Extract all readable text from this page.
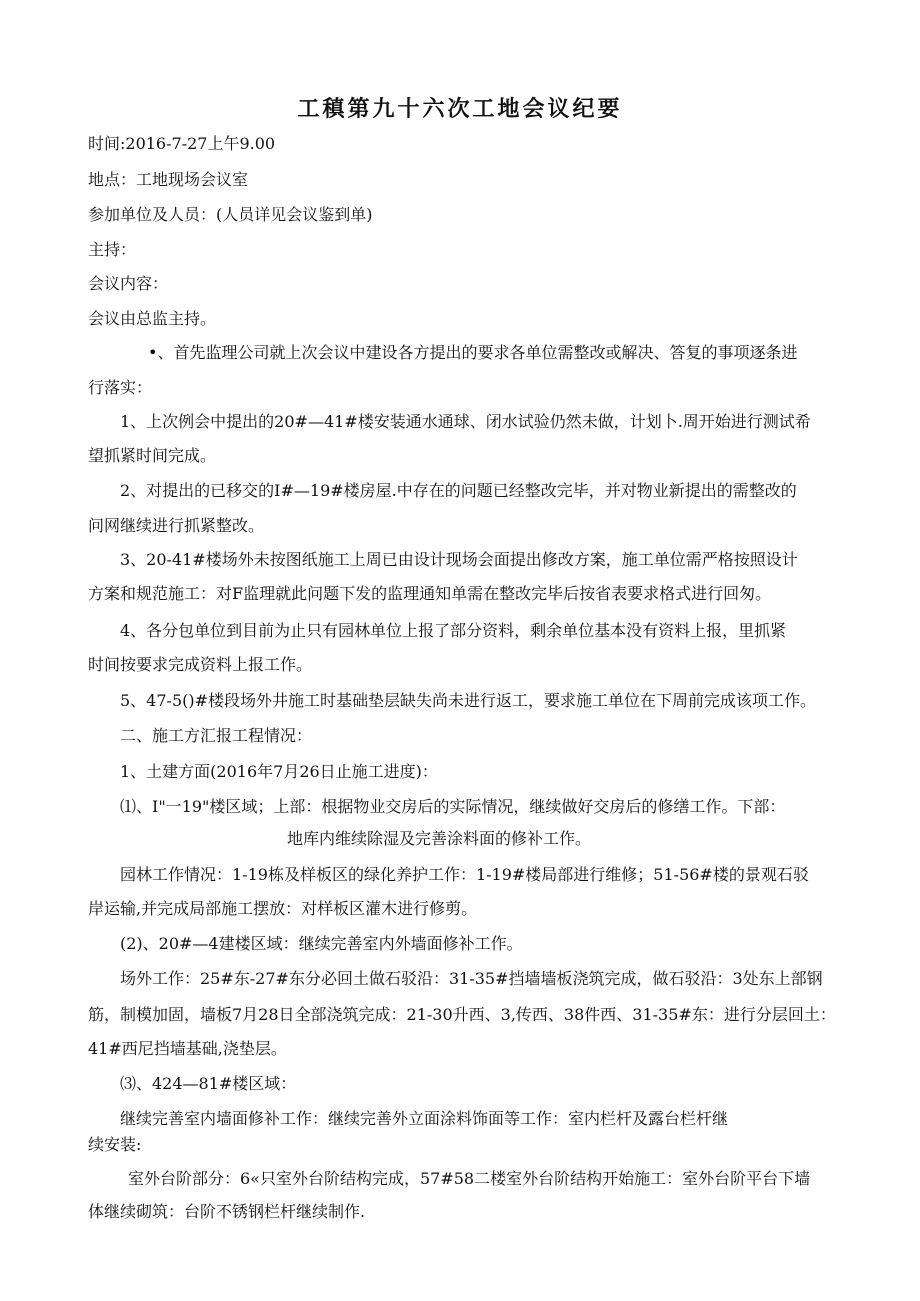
工稹第九十六次工地会议纪要

时间:2016-7-27上午9.00

地点：工地现场会议室

参加单位及人员：(人员详见会议鉴到单)

主持：

会议内容：

会议由总监主持。

•、首先监理公司就上次会议中建设各方提出的要求各单位需整改或解决、答复的事项逐条进

行落实：

1、上次例会中提出的20#—41#楼安装通水通球、闭水试验仍然未做，计划卜.周开始进行测试希

望抓紧时间完成。

2、对提出的已移交的I#—19#楼房屋.中存在的问题已经整改完毕，并对物业新提出的需整改的

问网继续进行抓紧整改。

3、20-41#楼场外未按图纸施工上周已由设计现场会面提出修改方案，施工单位需严格按照设计

方案和规范施工：对F监理就此问题下发的监理通知单需在整改完毕后按省表要求格式进行回匆。

4、各分包单位到目前为止只有园林单位上报了部分资料，剩余单位基本没有资料上报，里抓紧

时间按要求完成资料上报工作。

5、47-5()#楼段场外井施工时基础垫层缺失尚未进行返工，要求施工单位在下周前完成该项工作。

二、施工方汇报工程情况：

1、土建方面(2016年7月26日止施工进度)：

⑴、I"一19"楼区域；上部：根据物业交房后的实际情况，继续做好交房后的修缮工作。下部：

地库内维续除湿及完善涂料面的修补工作。

园林工作情况：1-19栋及样板区的绿化养护工作：1-19#楼局部进行维修；51-56#楼的景观石驳

岸运输,并完成局部施工摆放：对样板区灌木进行修剪。

(2)、20#—4建楼区域：继续完善室内外墙面修补工作。

场外工作：25#东-27#东分必回土做石驳沿：31-35#挡墙墙板浇筑完成，做石驳沿：3处东上部钢

筋，制模加固，墙板7月28日全部浇筑完成：21-30升西、3,传西、38件西、31-35#东：进行分层回土：

41#西尼挡墙基础,浇垫层。

⑶、424—81#楼区域：

继续完善室内墙面修补工作：继续完善外立面涂料饰面等工作：室内栏杆及露台栏杆继

续安装:

室外台阶部分：6«只室外台阶结构完成，57#58二楼室外台阶结构开始施工：室外台阶平台下墙

体继续砌筑：台阶不锈钢栏杆继续制作.
